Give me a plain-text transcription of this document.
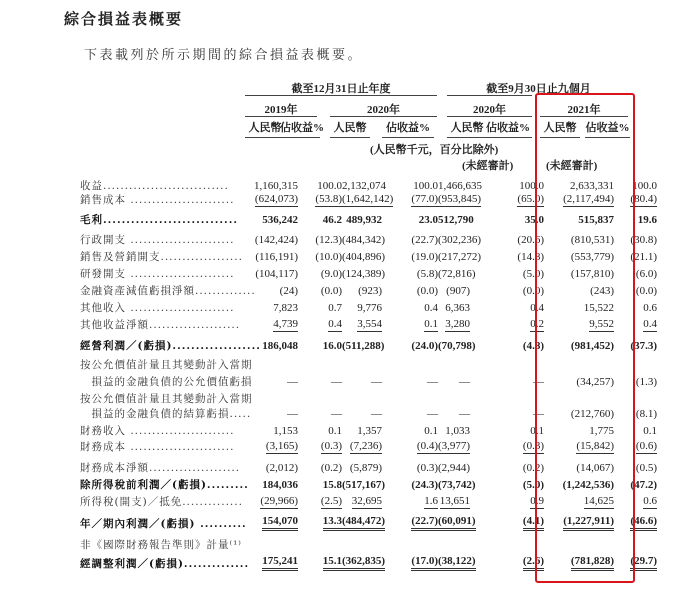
綜合損益表概要
下表載列於所示期間的綜合損益表概要。
截至12月31日止年度	截至9月30日止九個月
2019年	2020年	2020年	2021年
人民幣
佔收益% 人民幣	佔收益%	人民幣 佔收益%	人民幣 佔收益%
(人民幣千元，百分比除外)
(未經審計)	(未經審計)
收益.............................	1,160,315	100.0 2,132,074	100.0 1,466,635	100.0	2,633,331	100.0
銷售成本 ........................	(624,073)	(53.8) (1,642,142)	(77.0) (953,845)	(65.0)	(2,117,494)	(80.4)
毛利.............................	536,242	46.2 489,932	23.0 512,790	35.0	515,837	19.6
行政開支 ........................	(142,424)	(12.3) (484,342)	(22.7) (302,236)	(20.6)	(810,531)	(30.8)
銷售及營銷開支...................	(116,191)	(10.0) (404,896)	(19.0) (217,272)	(14.8)	(553,779)	(21.1)
研發開支 ........................	(104,117)	(9.0) (124,389)	(5.8) (72,816)	(5.0)	(157,810)	(6.0)
金融資產減值虧損淨額..............	(24)	(0.0)	(923)	(0.0) (907)	(0.0)	(243)	(0.0)
其他收入 ........................	7,823	0.7	9,776	0.4 6,363	0.4	15,522	0.6
其他收益淨額.....................	4,739	0.4	3,554	0.1 3,280	0.2	9,552	0.4
經營利潤／(虧損)................... 186,048	16.0 (511,288)	(24.0) (70,798)	(4.8)	(981,452)	(37.3)
按公允價值計量且其變動計入當期
　損益的金融負債的公允價值虧損	—	—	—	—	—	—	(34,257)	(1.3)
按公允價值計量且其變動計入當期
　損益的金融負債的結算虧損.....	—	—	—	—	—	—	(212,760)	(8.1)
財務收入 ........................	1,153	0.1	1,357	0.1 1,033	0.1	1,775	0.1
財務成本 ........................	(3,165)	(0.3) (7,236)	(0.4) (3,977)	(0.3)	(15,842)	(0.6)
財務成本淨額.....................	(2,012)	(0.2) (5,879)	(0.3) (2,944)	(0.2)	(14,067)	(0.5)
除所得稅前利潤／(虧損).........	184,036	15.8 (517,167)	(24.3) (73,742)	(5.0)	(1,242,536)	(47.2)
所得稅(開支)／抵免..............	(29,966)	(2.5) 32,695	1.6 13,651	0.9	14,625	0.6
年／期內利潤／(虧損) ..........	154,070	13.3 (484,472)	(22.7) (60,091)	(4.1)	(1,227,911)	(46.6)
非《國際財務報告準則》計量⁽¹⁾
經調整利潤／(虧損)..............	175,241	15.1 (362,835)	(17.0) (38,122)	(2.6)	(781,828)	(29.7)
